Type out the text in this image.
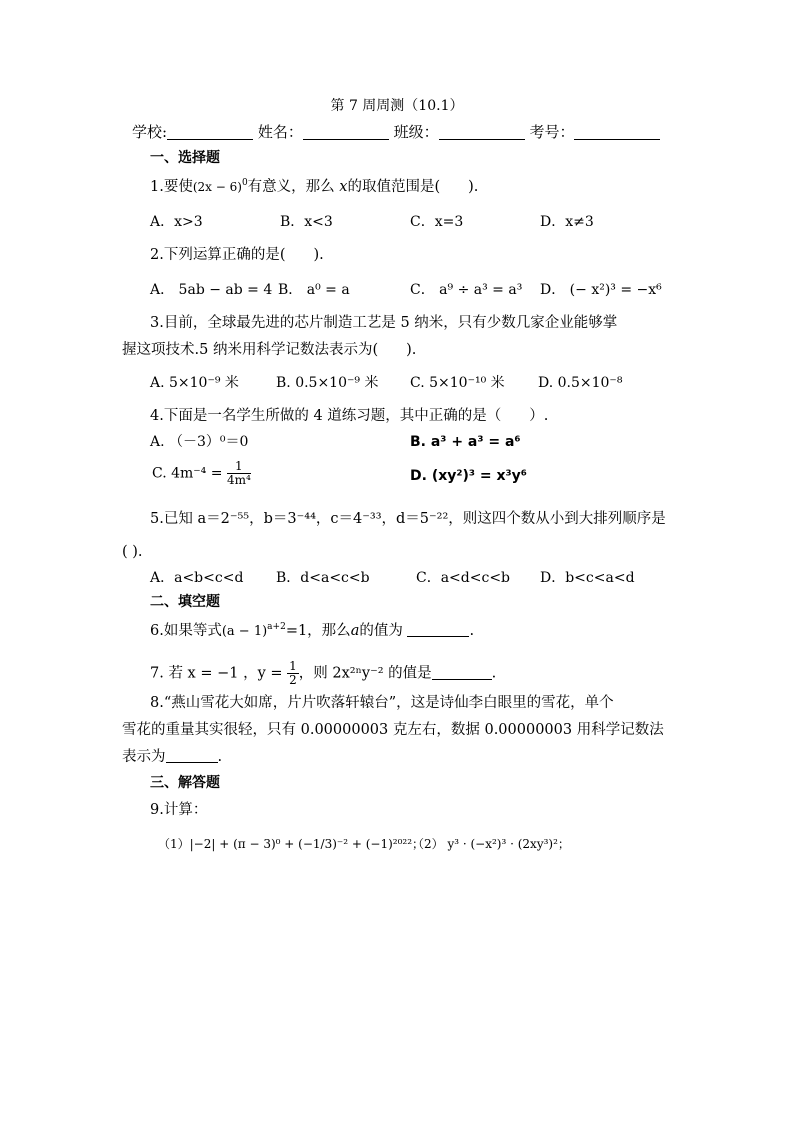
第 7 周周测（10.1）
学校:	姓名：	班级：	考号：
一、选择题
1.要使$(2x - 6)^0$有意义，那么 x的取值范围是( ).
A．x>3	B．x<3	C．x=3	D．x≠3
2.下列运算正确的是( ).
A． 5ab − ab = 4 B． a⁰ = a	C． a⁹ ÷ a³ = a³ D． (− x²)³ = −x⁶
3.目前，全球最先进的芯片制造工艺是 5 纳米，只有少数几家企业能够掌
握这项技术.5 纳米用科学记数法表示为( ).
A. 5×10⁻⁹ 米	B. 0.5×10⁻⁹ 米 C. 5×10⁻¹⁰ 米 D. 0.5×10⁻⁸
4.下面是一名学生所做的 4 道练习题，其中正确的是（ ）.
A. （－3）⁰＝0	B. a³ + a³ = a⁶
C. $4m^{-4} = \frac{1}{\text{4m⁴}}$	D. (xy²)³ = x³y⁶
5.已知 a＝2⁻⁵⁵，b＝3⁻⁴⁴，c＝4⁻³³，d＝5⁻²²，则这四个数从小到大排列顺序是
( ).
A．a<b<c<d B．d<a<c<b	C．a<d<c<b D．b<c<a<d
二、填空题
6.如果等式$(a - 1)^{a+2}=1$，那么a的值为	.
7. 若 x = −1 ，$y = \frac{1}{2}$ ，则 2x²ⁿy⁻² 的值是	.
8.“燕山雪花大如席，片片吹落轩辕台”，这是诗仙李白眼里的雪花，单个
雪花的重量其实很轻，只有 0.00000003 克左右，数据 0.00000003 用科学记数法
表示为	.
三、解答题
9.计算：
（1）|−2| + (π − 3)⁰ + (−1/3)⁻² + (−1)²⁰²²；
（2） y³ · (−x²)³ · (2xy³)²；
